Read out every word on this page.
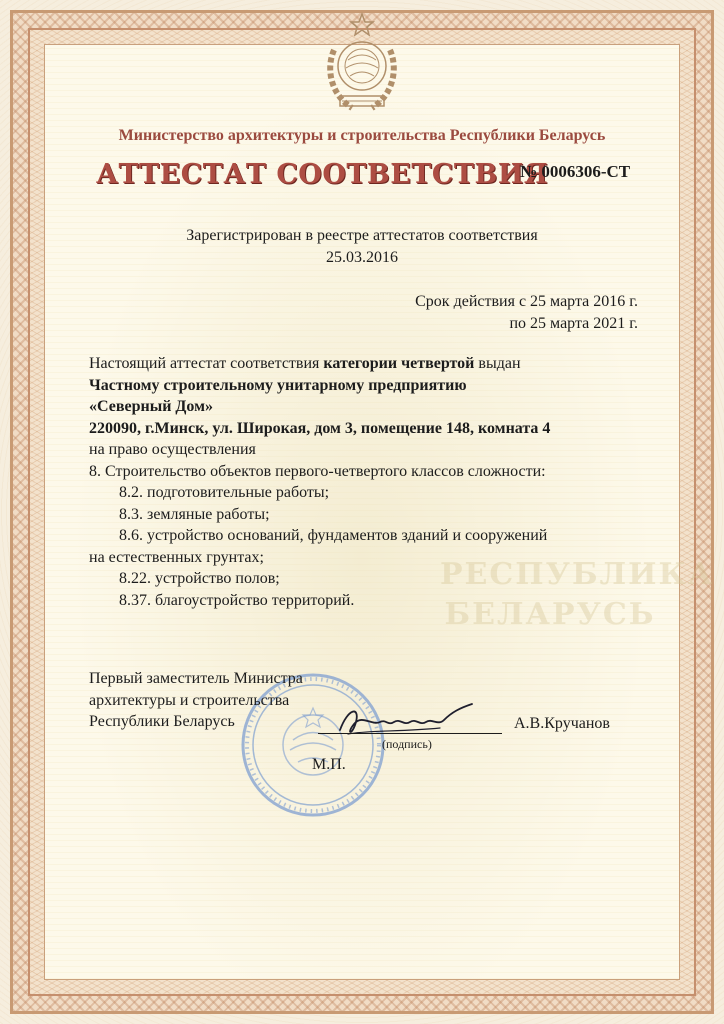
РЕСПУБЛИКА
БЕЛАРУСЬ
Министерство архитектуры и строительства Республики Беларусь
АТТЕСТАТ СООТВЕТСТВИЯ
№ 0006306-СТ
Зарегистрирован в реестре аттестатов соответствия
25.03.2016
Срок действия с 25 марта 2016 г.
по 25 марта 2021 г.
Настоящий аттестат соответствия категории четвертой выдан
Частному строительному унитарному предприятию
«Северный Дом»
220090, г.Минск, ул. Широкая, дом 3, помещение 148, комната 4
на право осуществления
8. Строительство объектов первого-четвертого классов сложности:
8.2. подготовительные работы;
8.3. земляные работы;
8.6. устройство оснований, фундаментов зданий и сооружений
на естественных грунтах;
8.22. устройство полов;
8.37. благоустройство территорий.
Первый заместитель Министра
архитектуры и строительства
Республики Беларусь
(подпись)
А.В.Кручанов
М.П.
